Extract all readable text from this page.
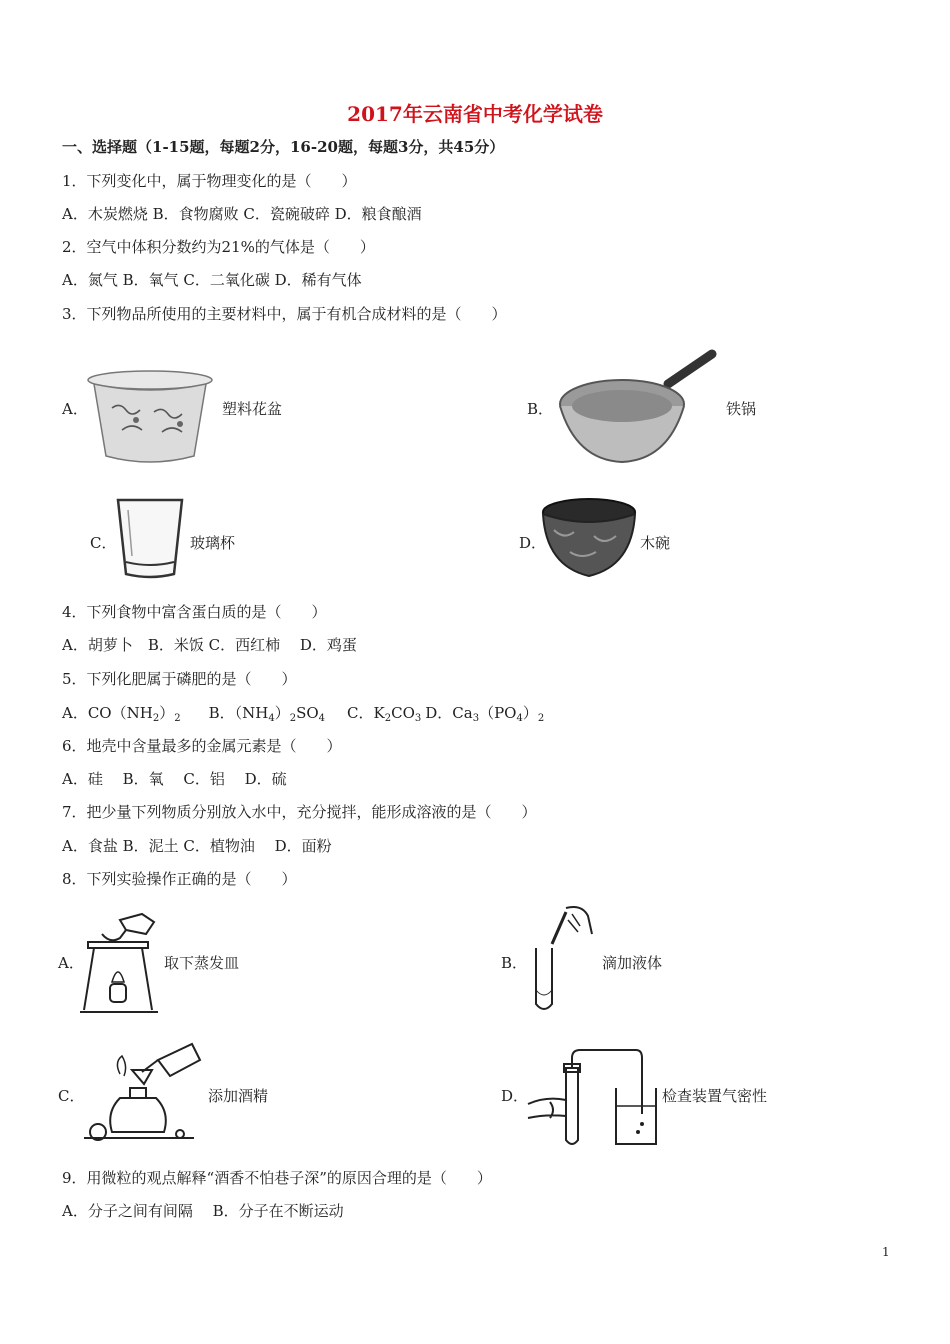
2017年云南省中考化学试卷
一、选择题（1-15题，每题2分，16-20题，每题3分，共45分）
1．下列变化中，属于物理变化的是（　　）
A．木炭燃烧 B．食物腐败 C．瓷碗破碎 D．粮食酿酒
2．空气中体积分数约为21%的气体是（　　）
A．氮气 B．氧气 C．二氧化碳 D．稀有气体
3．下列物品所使用的主要材料中，属于有机合成材料的是（　　）
A．	塑料花盆	B．	铁锅
C．	玻璃杯	D．	木碗
4．下列食物中富含蛋白质的是（　　）
A．胡萝卜　B．米饭 C．西红柿　 D．鸡蛋
5．下列化肥属于磷肥的是（　　）
A．$CO(NH_2)_2$ B．$(NH_4)_2SO_4$ C．$K_2CO_3$ D．$Ca_3(PO_4)_2$
6．地壳中含量最多的金属元素是（　　）
A．硅　 B．氧　 C．铝　 D．硫
7．把少量下列物质分别放入水中，充分搅拌，能形成溶液的是（　　）
A．食盐 B．泥土 C．植物油　 D．面粉
8．下列实验操作正确的是（　　）
A．	取下蒸发皿	B．	滴加液体
C．	添加酒精	D．	检查装置气密性
9．用微粒的观点解释“酒香不怕巷子深”的原因合理的是（　　）
A．分子之间有间隔　 B．分子在不断运动
1
